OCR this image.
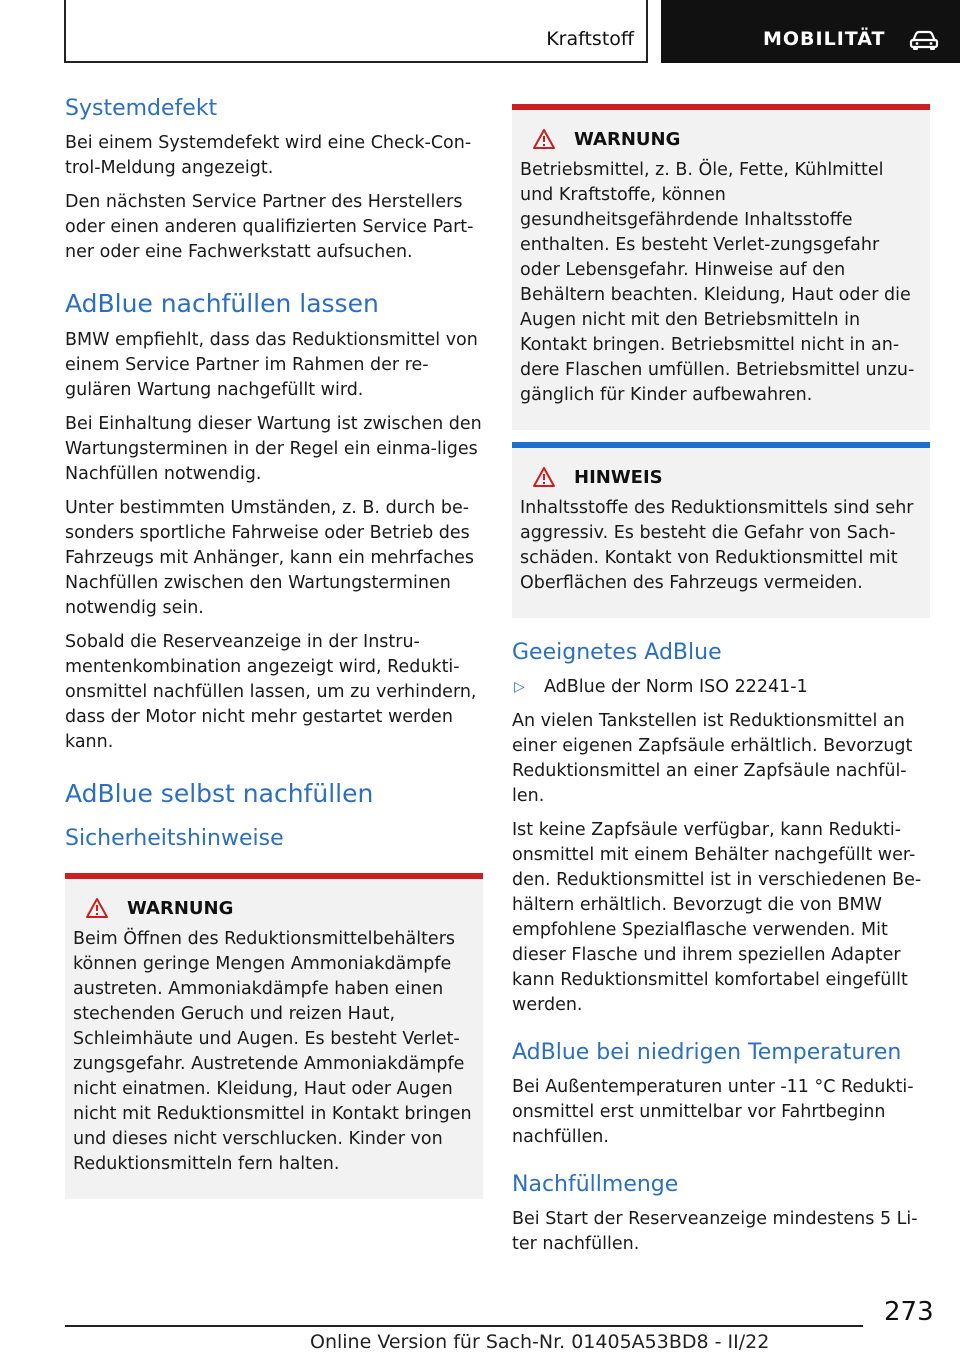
Kraftstoff	MOBILITÄT
Systemdefekt

Bei einem Systemdefekt wird eine Check-Con-trol-Meldung angezeigt.

Den nächsten Service Partner des Herstellers oder einen anderen qualifizierten Service Part-ner oder eine Fachwerkstatt aufsuchen.

AdBlue nachfüllen lassen

BMW empfiehlt, dass das Reduktionsmittel von einem Service Partner im Rahmen der re-gulären Wartung nachgefüllt wird.

Bei Einhaltung dieser Wartung ist zwischen den Wartungsterminen in der Regel ein einma-liges Nachfüllen notwendig.

Unter bestimmten Umständen, z. B. durch be-sonders sportliche Fahrweise oder Betrieb des Fahrzeugs mit Anhänger, kann ein mehrfaches Nachfüllen zwischen den Wartungsterminen notwendig sein.

Sobald die Reserveanzeige in der Instru-mentenkombination angezeigt wird, Redukti-onsmittel nachfüllen lassen, um zu verhindern, dass der Motor nicht mehr gestartet werden kann.

AdBlue selbst nachfüllen
Sicherheitshinweise
WARNUNG

Beim Öffnen des Reduktionsmittelbehälters können geringe Mengen Ammoniakdämpfe austreten. Ammoniakdämpfe haben einen stechenden Geruch und reizen Haut, Schleimhäute und Augen. Es besteht Verlet-zungsgefahr. Austretende Ammoniakdämpfe nicht einatmen. Kleidung, Haut oder Augen nicht mit Reduktionsmittel in Kontakt bringen und dieses nicht verschlucken. Kinder von Reduktionsmitteln fern halten.

WARNUNG

Betriebsmittel, z. B. Öle, Fette, Kühlmittel und Kraftstoffe, können gesundheitsgefährdende Inhaltsstoffe enthalten. Es besteht Verlet-zungsgefahr oder Lebensgefahr. Hinweise auf den Behältern beachten. Kleidung, Haut oder die Augen nicht mit den Betriebsmitteln in Kontakt bringen. Betriebsmittel nicht in an-dere Flaschen umfüllen. Betriebsmittel unzu-gänglich für Kinder aufbewahren.

HINWEIS

Inhaltsstoffe des Reduktionsmittels sind sehr aggressiv. Es besteht die Gefahr von Sach-schäden. Kontakt von Reduktionsmittel mit Oberflächen des Fahrzeugs vermeiden.

Geeignetes AdBlue
▷	AdBlue der Norm ISO 22241-1

An vielen Tankstellen ist Reduktionsmittel an einer eigenen Zapfsäule erhältlich. Bevorzugt Reduktionsmittel an einer Zapfsäule nachfül-len.

Ist keine Zapfsäule verfügbar, kann Redukti-onsmittel mit einem Behälter nachgefüllt wer-den. Reduktionsmittel ist in verschiedenen Be-hältern erhältlich. Bevorzugt die von BMW empfohlene Spezialflasche verwenden. Mit dieser Flasche und ihrem speziellen Adapter kann Reduktionsmittel komfortabel eingefüllt werden.

AdBlue bei niedrigen Temperaturen

Bei Außentemperaturen unter -11 °C Redukti-onsmittel erst unmittelbar vor Fahrtbeginn nachfüllen.

Nachfüllmenge

Bei Start der Reserveanzeige mindestens 5 Li-ter nachfüllen.

273
Online Version für Sach-Nr. 01405A53BD8 - II/22
